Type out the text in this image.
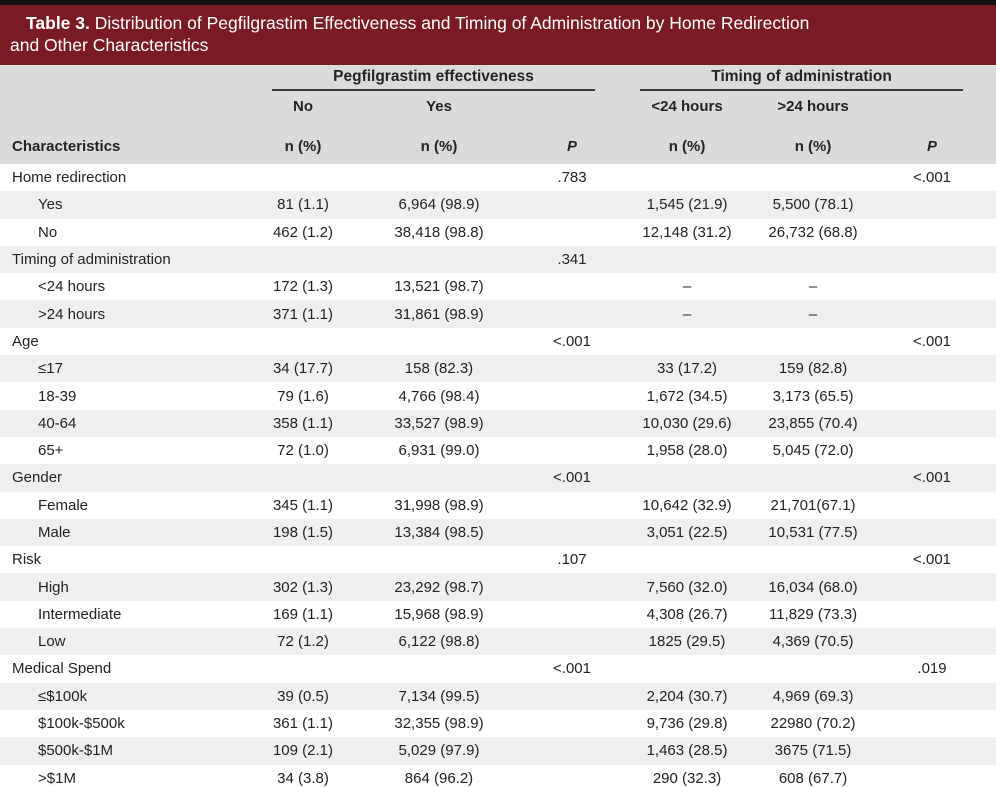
Table 3. Distribution of Pegfilgrastim Effectiveness and Timing of Administration by Home Redirection
and Other Characteristics

	Pegfilgrastim effectiveness			Timing of administration		

	No	Yes		<24 hours	>24 hours	
Characteristics	n (%)	n (%)	P	n (%)	n (%)	P
Home redirection			.783			<.001
Yes	81 (1.1)	6,964 (98.9)		1,545 (21.9)	5,500 (78.1)	
No	462 (1.2)	38,418 (98.8)		12,148 (31.2)	26,732 (68.8)	
Timing of administration			.341			
<24 hours	172 (1.3)	13,521 (98.7)		–	–	
>24 hours	371 (1.1)	31,861 (98.9)		–	–	
Age			<.001			<.001
≤17	34 (17.7)	158 (82.3)		33 (17.2)	159 (82.8)	
18-39	79 (1.6)	4,766 (98.4)		1,672 (34.5)	3,173 (65.5)	
40-64	358 (1.1)	33,527 (98.9)		10,030 (29.6)	23,855 (70.4)	
65+	72 (1.0)	6,931 (99.0)		1,958 (28.0)	5,045 (72.0)	
Gender			<.001			<.001
Female	345 (1.1)	31,998 (98.9)		10,642 (32.9)	21,701(67.1)	
Male	198 (1.5)	13,384 (98.5)		3,051 (22.5)	10,531 (77.5)	
Risk			.107			<.001
High	302 (1.3)	23,292 (98.7)		7,560 (32.0)	16,034 (68.0)	
Intermediate	169 (1.1)	15,968 (98.9)		4,308 (26.7)	11,829 (73.3)	
Low	72 (1.2)	6,122 (98.8)		1825 (29.5)	4,369 (70.5)	
Medical Spend			<.001			.019
≤$100k	39 (0.5)	7,134 (99.5)		2,204 (30.7)	4,969 (69.3)	
$100k-$500k	361 (1.1)	32,355 (98.9)		9,736 (29.8)	22980 (70.2)	
$500k-$1M	109 (2.1)	5,029 (97.9)		1,463 (28.5)	3675 (71.5)	
>$1M	34 (3.8)	864 (96.2)		290 (32.3)	608 (67.7)	
